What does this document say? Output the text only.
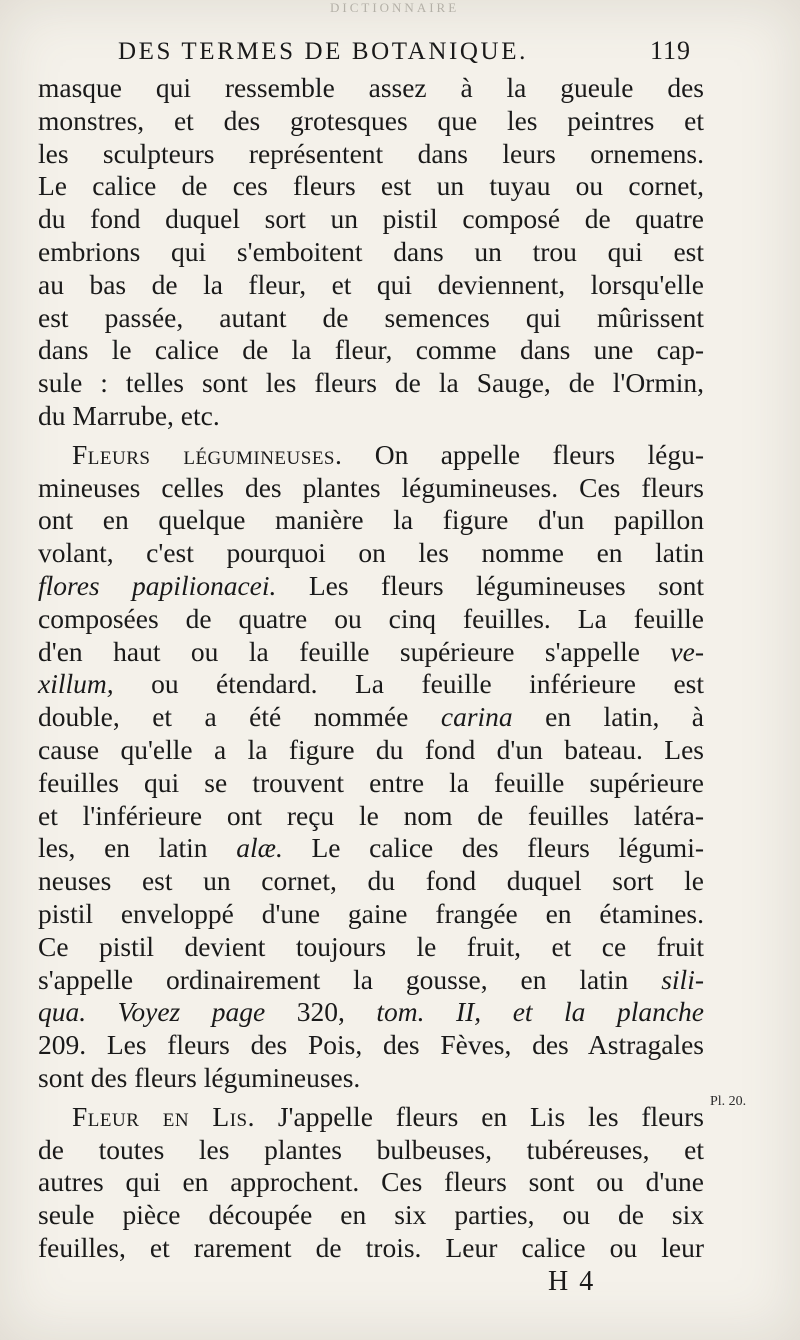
DICTIONNAIRE
DES TERMES DE BOTANIQUE.	119
masque qui ressemble assez à la gueule des
monstres, et des grotesques que les peintres et
les sculpteurs représentent dans leurs ornemens.
Le calice de ces fleurs est un tuyau ou cornet,
du fond duquel sort un pistil composé de quatre
embrions qui s'emboitent dans un trou qui est
au bas de la fleur, et qui deviennent, lorsqu'elle
est passée, autant de semences qui mûrissent
dans le calice de la fleur, comme dans une cap-
sule : telles sont les fleurs de la Sauge, de l'Ormin,
du Marrube, etc.
Fleurs légumineuses. On appelle fleurs légu-
mineuses celles des plantes légumineuses. Ces fleurs
ont en quelque manière la figure d'un papillon
volant, c'est pourquoi on les nomme en latin
flores papilionacei. Les fleurs légumineuses sont
composées de quatre ou cinq feuilles. La feuille
d'en haut ou la feuille supérieure s'appelle ve-
xillum, ou étendard. La feuille inférieure est
double, et a été nommée carina en latin, à
cause qu'elle a la figure du fond d'un bateau. Les
feuilles qui se trouvent entre la feuille supérieure
et l'inférieure ont reçu le nom de feuilles latéra-
les, en latin alæ. Le calice des fleurs légumi-
neuses est un cornet, du fond duquel sort le
pistil enveloppé d'une gaine frangée en étamines.
Ce pistil devient toujours le fruit, et ce fruit
s'appelle ordinairement la gousse, en latin sili-
qua. Voyez page 320, tom. II, et la planche
209. Les fleurs des Pois, des Fèves, des Astragales
sont des fleurs légumineuses.
Fleur en Lis. J'appelle fleurs en Lis les fleurs
de toutes les plantes bulbeuses, tubéreuses, et
autres qui en approchent. Ces fleurs sont ou d'une
seule pièce découpée en six parties, ou de six
feuilles, et rarement de trois. Leur calice ou leur
Pl. 20.
H 4
